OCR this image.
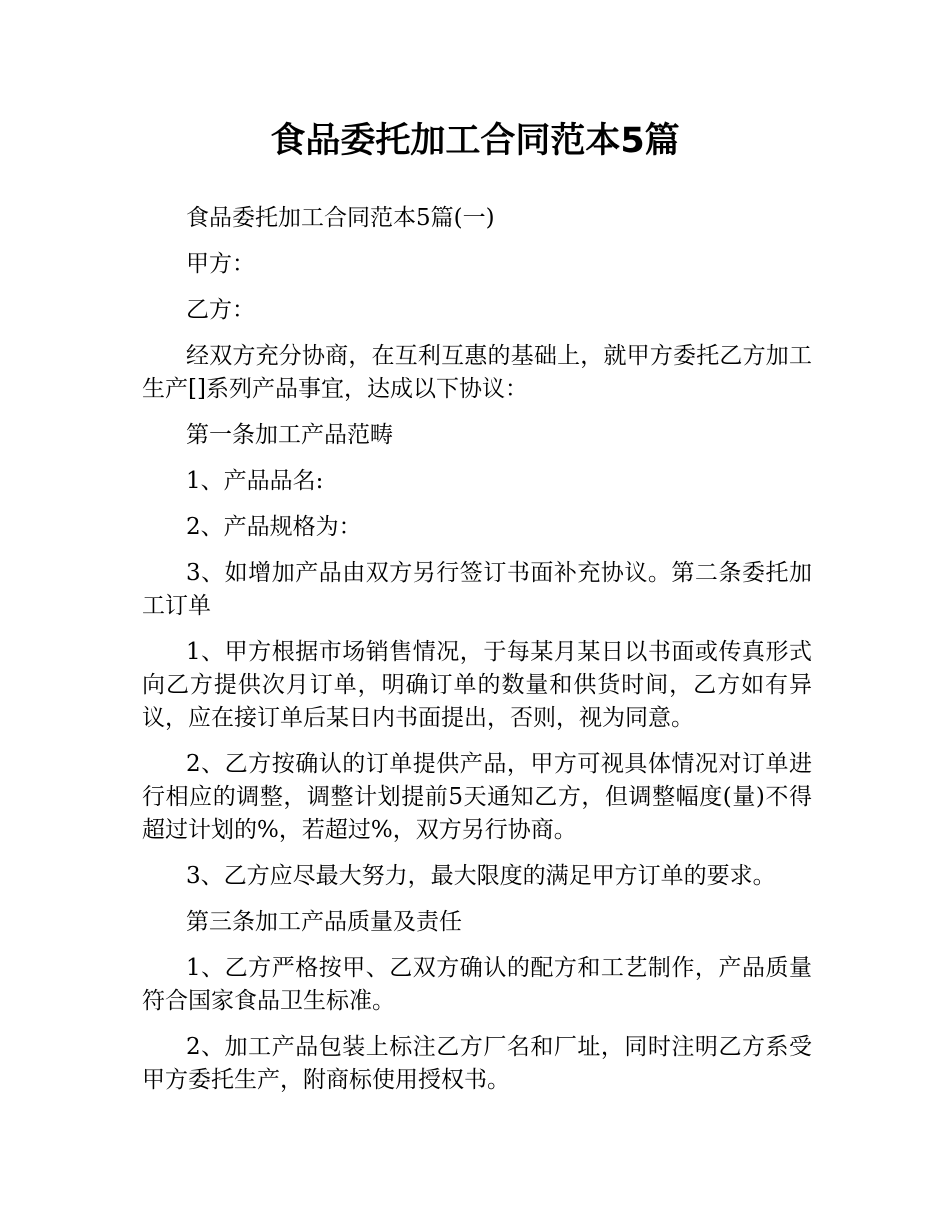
食品委托加工合同范本5篇

食品委托加工合同范本5篇(一)

甲方：

乙方：

经双方充分协商，在互利互惠的基础上，就甲方委托乙方加工生产[]系列产品事宜，达成以下协议：

第一条加工产品范畴

1、产品品名:

2、产品规格为：

3、如增加产品由双方另行签订书面补充协议。第二条委托加工订单

1、甲方根据市场销售情况，于每某月某日以书面或传真形式向乙方提供次月订单，明确订单的数量和供货时间，乙方如有异议，应在接订单后某日内书面提出，否则，视为同意。

2、乙方按确认的订单提供产品，甲方可视具体情况对订单进行相应的调整，调整计划提前5天通知乙方，但调整幅度(量)不得超过计划的%，若超过%，双方另行协商。

3、乙方应尽最大努力，最大限度的满足甲方订单的要求。

第三条加工产品质量及责任

1、乙方严格按甲、乙双方确认的配方和工艺制作，产品质量符合国家食品卫生标准。

2、加工产品包装上标注乙方厂名和厂址，同时注明乙方系受甲方委托生产，附商标使用授权书。
